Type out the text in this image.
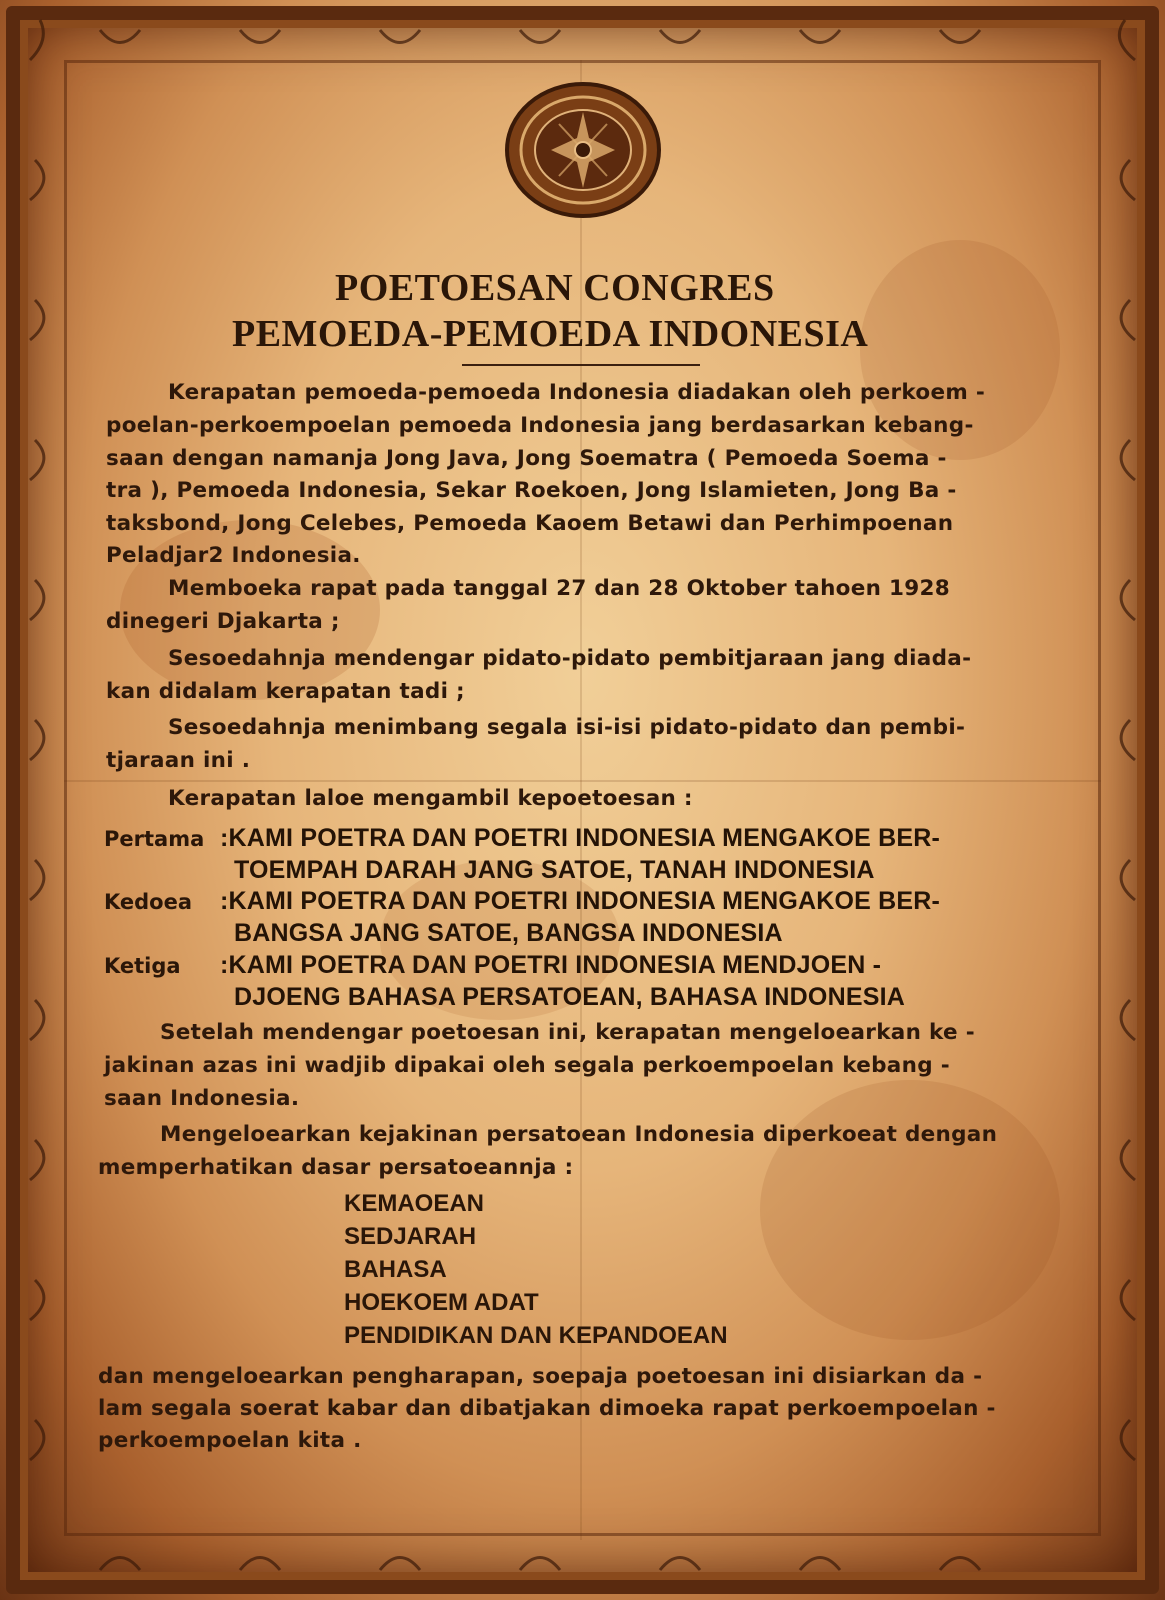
POETOESAN CONGRES
PEMOEDA-PEMOEDA INDONESIA
Kerapatan pemoeda-pemoeda Indonesia diadakan oleh perkoem -
poelan-perkoempoelan pemoeda Indonesia jang berdasarkan kebang-
saan dengan namanja Jong Java, Jong Soematra ( Pemoeda Soema -
tra ), Pemoeda Indonesia, Sekar Roekoen, Jong Islamieten, Jong Ba -
taksbond, Jong Celebes, Pemoeda Kaoem Betawi dan Perhimpoenan
Peladjar2 Indonesia.
Memboeka rapat pada tanggal 27 dan 28 Oktober tahoen 1928
dinegeri Djakarta ;
Sesoedahnja mendengar pidato-pidato pembitjaraan jang diada-
kan didalam kerapatan tadi ;
Sesoedahnja menimbang segala isi-isi pidato-pidato dan pembi-
tjaraan ini .
Kerapatan laloe mengambil kepoetoesan :
Pertama :KAMI POETRA DAN POETRI INDONESIA MENGAKOE BER-
TOEMPAH DARAH JANG SATOE, TANAH INDONESIA
Kedoea :KAMI POETRA DAN POETRI INDONESIA MENGAKOE BER-
BANGSA JANG SATOE, BANGSA INDONESIA
Ketiga :KAMI POETRA DAN POETRI INDONESIA MENDJOEN -
DJOENG BAHASA PERSATOEAN, BAHASA INDONESIA
Setelah mendengar poetoesan ini, kerapatan mengeloearkan ke -
jakinan azas ini wadjib dipakai oleh segala perkoempoelan kebang -
saan Indonesia.
Mengeloearkan kejakinan persatoean Indonesia diperkoeat dengan
memperhatikan dasar persatoeannja :
KEMAOEAN
SEDJARAH
BAHASA
HOEKOEM ADAT
PENDIDIKAN DAN KEPANDOEAN
dan mengeloearkan pengharapan, soepaja poetoesan ini disiarkan da -
lam segala soerat kabar dan dibatjakan dimoeka rapat perkoempoelan -
perkoempoelan kita .
